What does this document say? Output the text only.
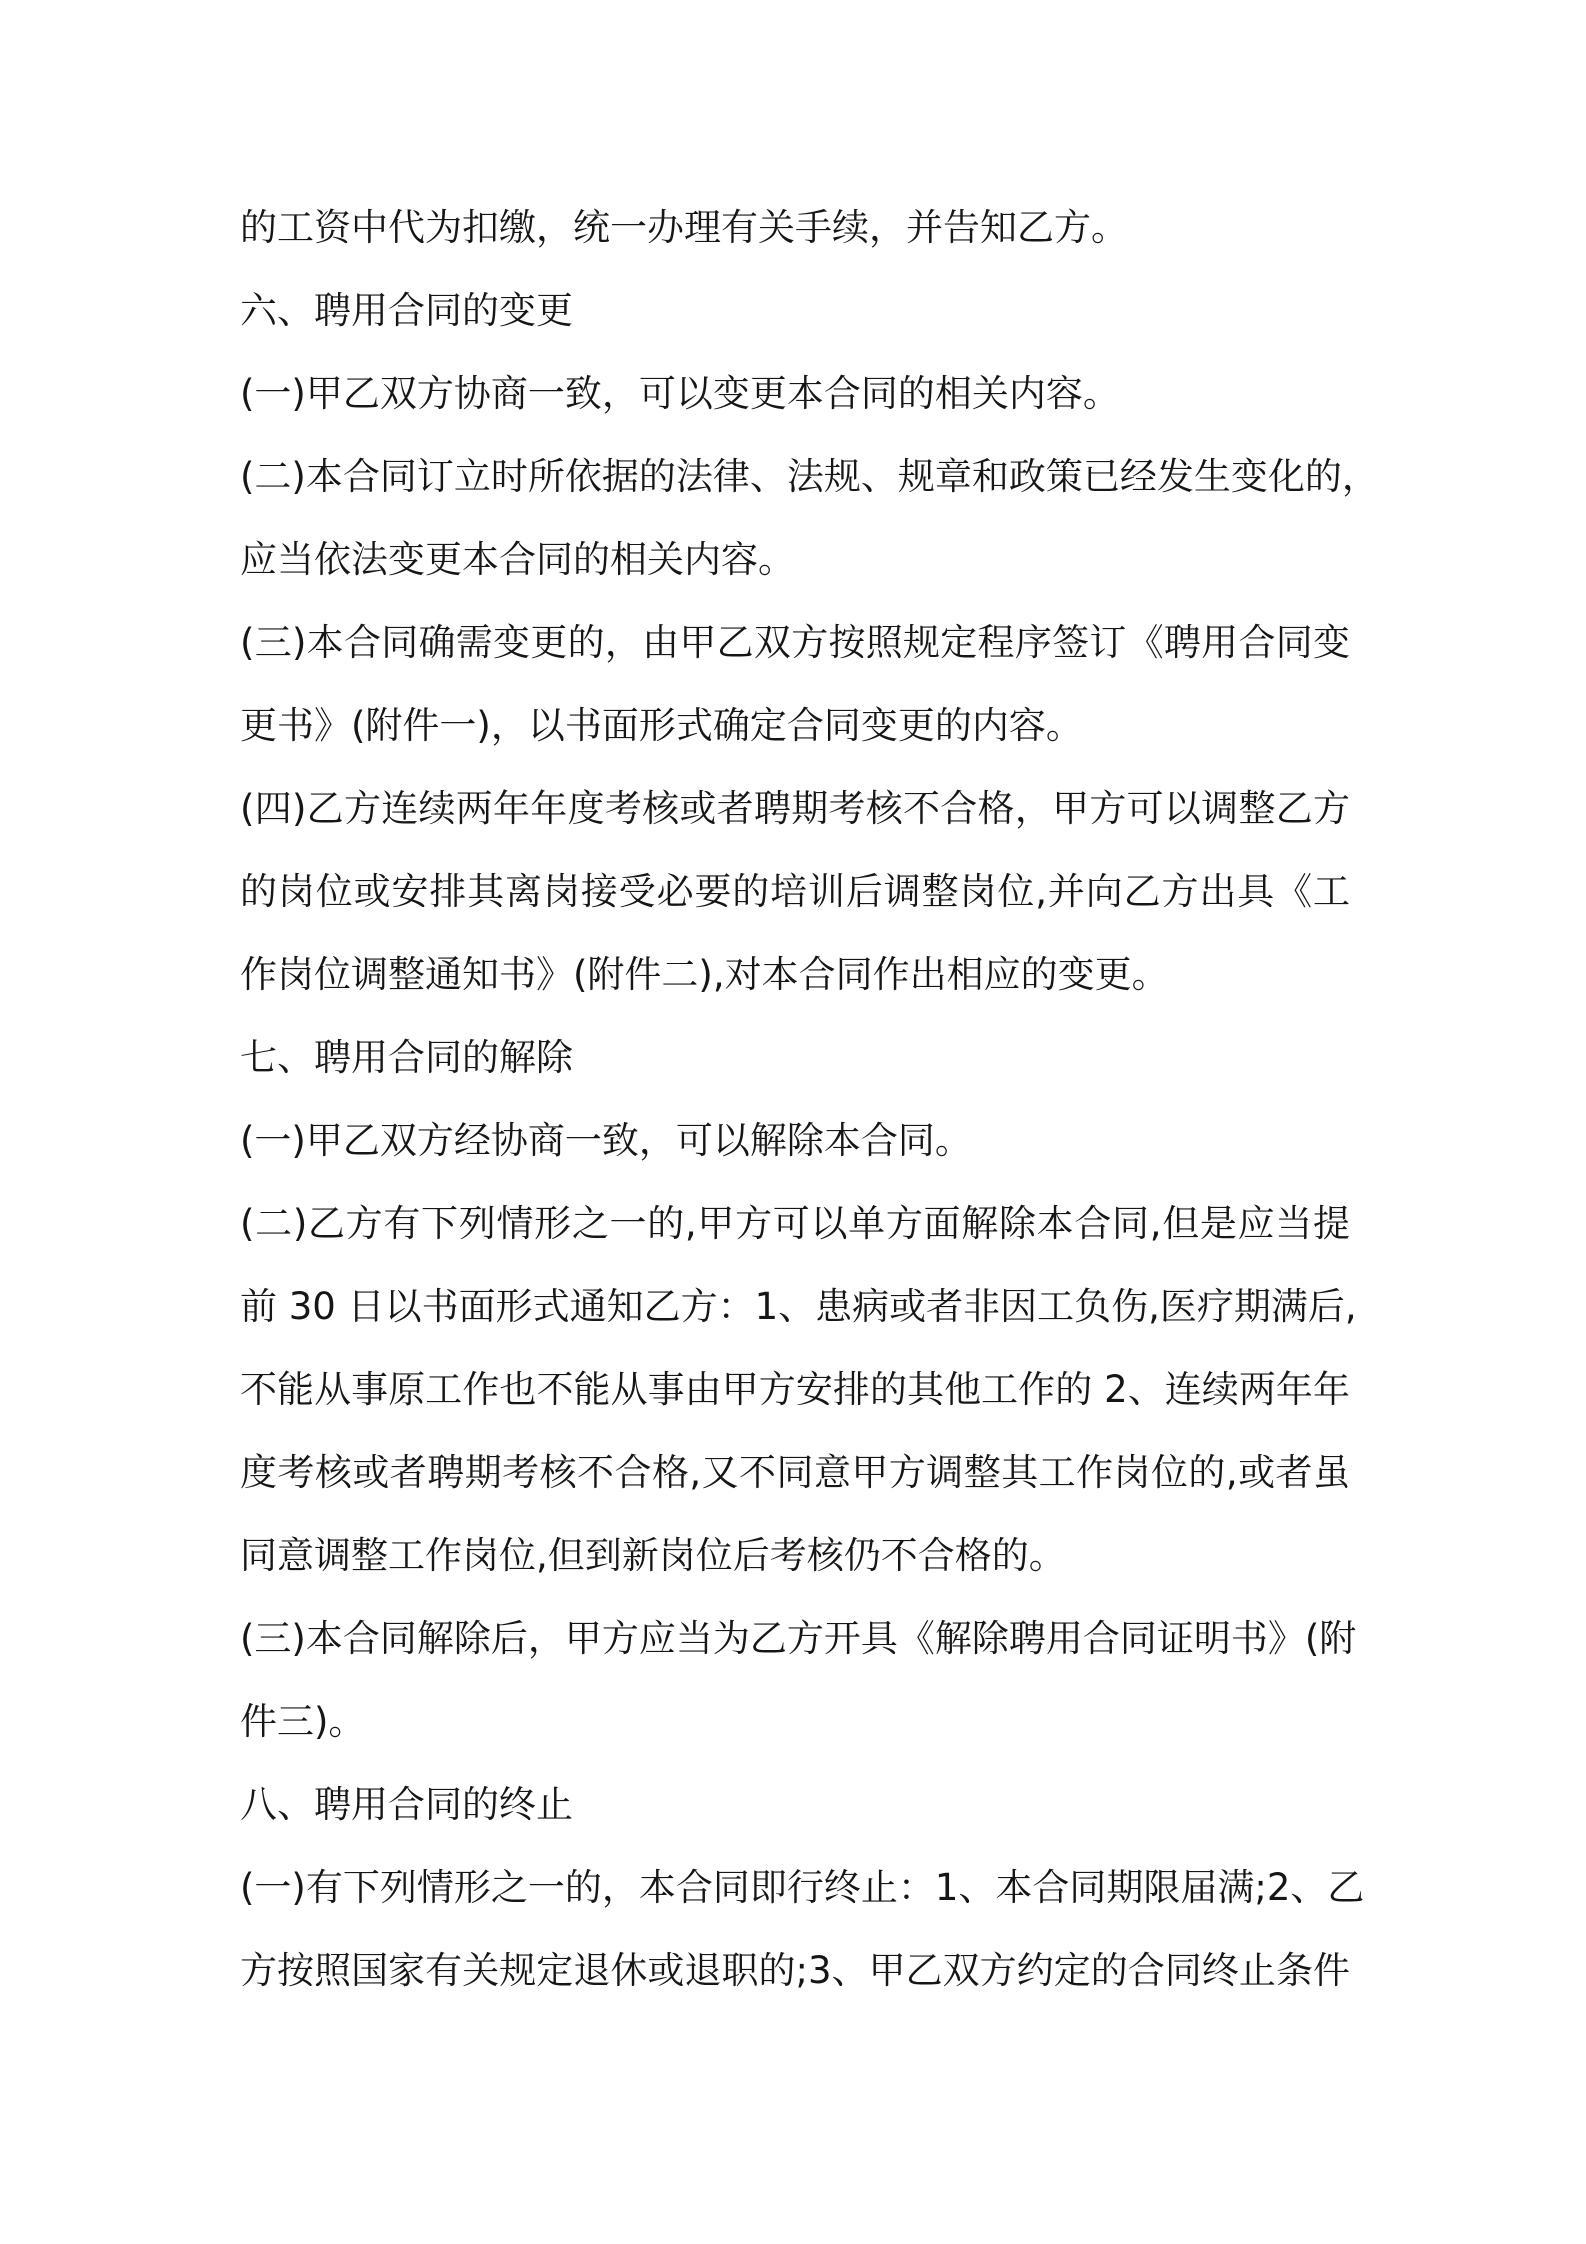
的工资中代为扣缴，统一办理有关手续，并告知乙方。
六、聘用合同的变更
(一)甲乙双方协商一致，可以变更本合同的相关内容。
(二)本合同订立时所依据的法律、法规、规章和政策已经发生变化的，
应当依法变更本合同的相关内容。
(三)本合同确需变更的，由甲乙双方按照规定程序签订《聘用合同变
更书》(附件一)，以书面形式确定合同变更的内容。
(四)乙方连续两年年度考核或者聘期考核不合格，甲方可以调整乙方
的岗位或安排其离岗接受必要的培训后调整岗位,并向乙方出具《工
作岗位调整通知书》(附件二),对本合同作出相应的变更。
七、聘用合同的解除
(一)甲乙双方经协商一致，可以解除本合同。
(二)乙方有下列情形之一的,甲方可以单方面解除本合同,但是应当提
前 30 日以书面形式通知乙方：1、患病或者非因工负伤,医疗期满后,
不能从事原工作也不能从事由甲方安排的其他工作的 2、连续两年年
度考核或者聘期考核不合格,又不同意甲方调整其工作岗位的,或者虽
同意调整工作岗位,但到新岗位后考核仍不合格的。
(三)本合同解除后，甲方应当为乙方开具《解除聘用合同证明书》(附
件三)。
八、聘用合同的终止
(一)有下列情形之一的，本合同即行终止：1、本合同期限届满;2、乙
方按照国家有关规定退休或退职的;3、甲乙双方约定的合同终止条件
